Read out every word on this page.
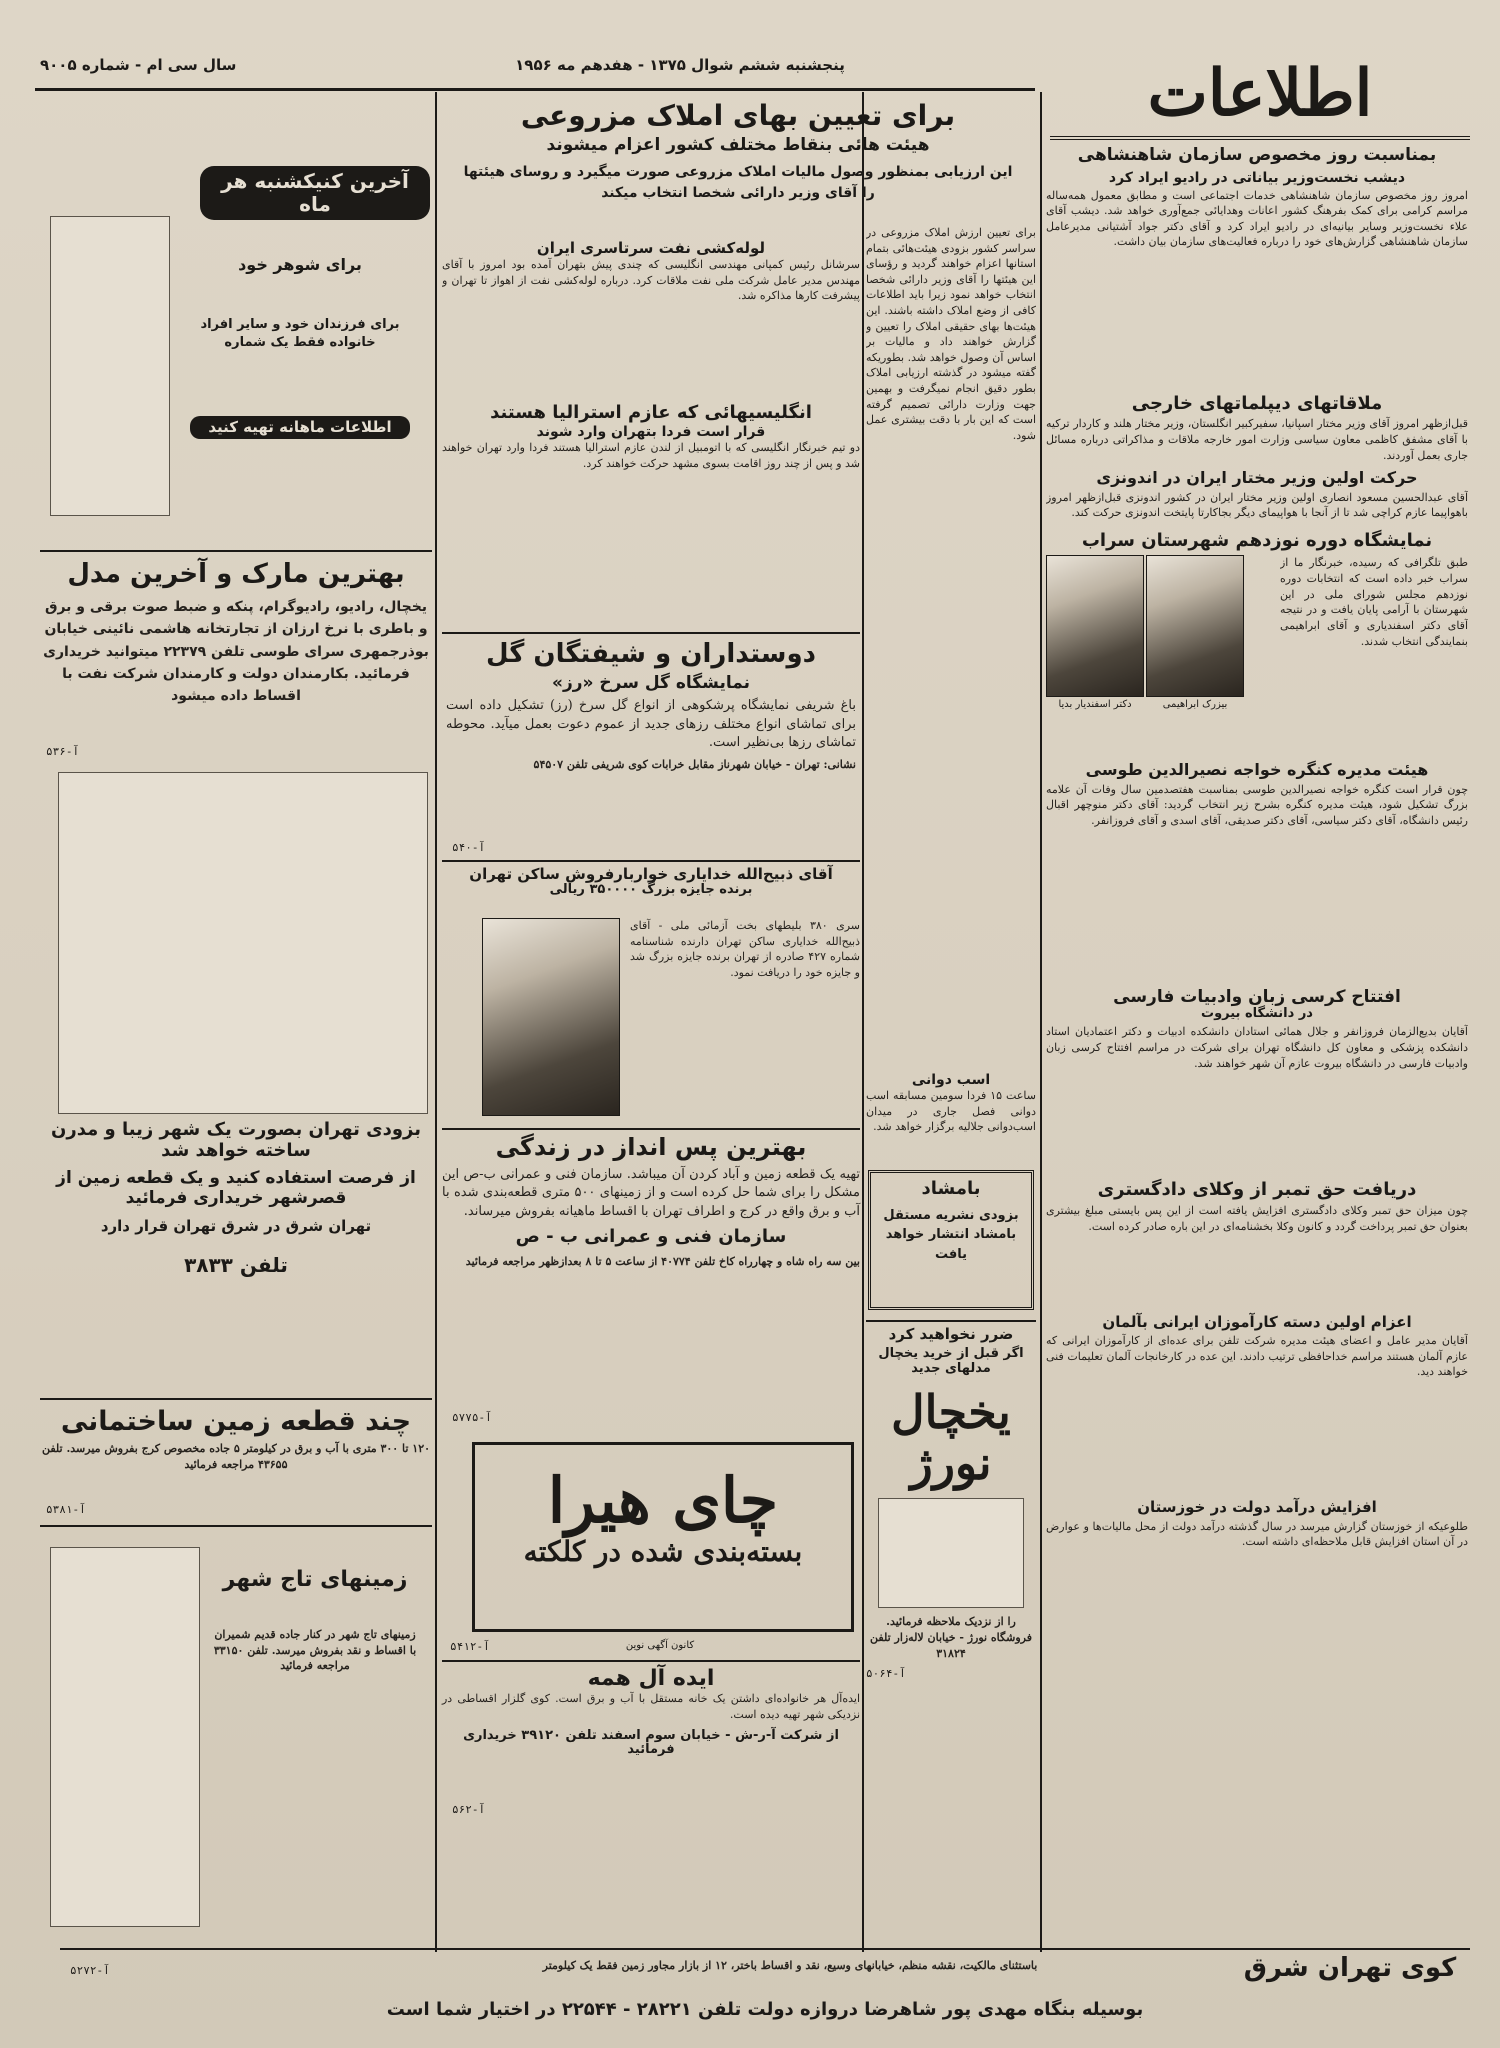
پنجشنبه ششم شوال ۱۳۷۵ - هفدهم مه ۱۹۵۶
سال سی ام - شماره ۹۰۰۵	اطلاعات
بمناسبت روز مخصوص سازمان شاهنشاهی
دیشب نخست‌وزیر بیاناتی در رادیو ایراد کرد
امروز روز مخصوص سازمان شاهنشاهی خدمات اجتماعی است و مطابق معمول همه‌ساله مراسم کرامی برای کمک بفرهنگ کشور اعانات وهدایائی جمع‌آوری خواهد شد. دیشب آقای علاء نخست‌وزیر وسایر بیانیه‌ای در رادیو ایراد کرد و آقای دکتر جواد آشتیانی مدیرعامل سازمان شاهنشاهی گزارش‌های خود را درباره فعالیت‌های سازمان بیان داشت.
ملاقاتهای دیپلماتهای خارجی
قبل‌ازظهر امروز آقای وزیر مختار اسپانیا، سفیرکبیر انگلستان، وزیر مختار هلند و کاردار ترکیه با آقای مشفق کاظمی معاون سیاسی وزارت امور خارجه ملاقات و مذاکراتی درباره مسائل جاری بعمل آوردند.
حرکت اولین وزیر مختار ایران در اندونزی
آقای عبدالحسین مسعود انصاری اولین وزیر مختار ایران در کشور اندونزی قبل‌ازظهر امروز باهواپیما عازم کراچی شد تا از آنجا با هواپیمای دیگر بجاکارتا پایتخت اندونزی حرکت کند.
نمایشگاه دوره نوزدهم شهرستان سراب
طبق تلگرافی که رسیده، خبرنگار ما از سراب خبر داده است که انتخابات دوره نوزدهم مجلس شورای ملی در این شهرستان با آرامی پایان یافت و در نتیجه آقای دکتر اسفندیاری و آقای ابراهیمی بنمایندگی انتخاب شدند.
دکتر اسفندیار بدیا	بیزرک ابراهیمی
هیئت مدیره کنگره خواجه نصیرالدین طوسی
چون قرار است کنگره خواجه نصیرالدین طوسی بمناسبت هفتصدمین سال وفات آن علامه بزرگ تشکیل شود، هیئت مدیره کنگره بشرح زیر انتخاب گردید: آقای دکتر منوچهر اقبال رئیس دانشگاه، آقای دکتر سیاسی، آقای دکتر صدیقی، آقای اسدی و آقای فروزانفر.
افتتاح کرسی زبان وادبیات فارسی
در دانشگاه بیروت
آقایان بدیع‌الزمان فروزانفر و جلال همائی استادان دانشکده ادبیات و دکتر اعتمادیان استاد دانشکده پزشکی و معاون کل دانشگاه تهران برای شرکت در مراسم افتتاح کرسی زبان وادبیات فارسی در دانشگاه بیروت عازم آن شهر خواهند شد.
دریافت حق تمبر از وکلای دادگستری
چون میزان حق تمبر وکلای دادگستری افزایش یافته است از این پس بایستی مبلغ بیشتری بعنوان حق تمبر پرداخت گردد و کانون وکلا بخشنامه‌ای در این باره صادر کرده است.
اعزام اولین دسته کارآموزان ایرانی بآلمان
آقایان مدیر عامل و اعضای هیئت مدیره شرکت تلفن برای عده‌ای از کارآموزان ایرانی که عازم آلمان هستند مراسم خداحافظی ترتیب دادند. این عده در کارخانجات آلمان تعلیمات فنی خواهند دید.
افزایش درآمد دولت در خوزستان
طلوعیکه از خوزستان گزارش میرسد در سال گذشته درآمد دولت از محل مالیات‌ها و عوارض در آن استان افزایش قابل ملاحظه‌ای داشته است.
برای تعیین ارزش املاک مزروعی در سراسر کشور بزودی هیئت‌هائی بتمام استانها اعزام خواهند گردید و رؤسای این هیئتها را آقای وزیر دارائی شخصا انتخاب خواهد نمود زیرا باید اطلاعات کافی از وضع املاک داشته باشند. این هیئت‌ها بهای حقیقی املاک را تعیین و گزارش خواهند داد و مالیات بر اساس آن وصول خواهد شد. بطوریکه گفته میشود در گذشته ارزیابی املاک بطور دقیق انجام نمیگرفت و بهمین جهت وزارت دارائی تصمیم گرفته است که این بار با دقت بیشتری عمل شود.
برای تعیین بهای املاک مزروعی
هیئت هائی بنقاط مختلف کشور اعزام میشوند
این ارزیابی بمنظور وصول مالیات املاک مزروعی صورت میگیرد و روسای هیئتها را آقای وزیر دارائی شخصا انتخاب میکند
لوله‌کشی نفت سرتاسری ایران
سرشانل رئیس کمپانی مهندسی انگلیسی که چندی پیش بتهران آمده بود امروز با آقای مهندس مدیر عامل شرکت ملی نفت ملاقات کرد. درباره لوله‌کشی نفت از اهواز تا تهران و پیشرفت کارها مذاکره شد.
انگلیسیهائی که عازم استرالیا هستند
قرار است فردا بتهران وارد شوند
دو تیم خبرنگار انگلیسی که با اتومبیل از لندن عازم استرالیا هستند فردا وارد تهران خواهند شد و پس از چند روز اقامت بسوی مشهد حرکت خواهند کرد.
دوستداران و شیفتگان گل
نمایشگاه گل سرخ «رز»
باغ شریفی نمایشگاه پرشکوهی از انواع گل سرخ (رز) تشکیل داده است برای تماشای انواع مختلف رزهای جدید از عموم دعوت بعمل میآید. محوطه تماشای رزها بی‌نظیر است.
نشانی: تهران - خیابان شهرناز مقابل خرابات کوی شریفی تلفن ۵۴۵۰۷
آ-۵۴۰
آقای ذبیح‌الله خدایاری خواربارفروش ساکن تهران
برنده جایزه بزرگ ۳۵۰۰۰۰ ریالی
سری ۳۸۰ بلیطهای بخت آزمائی ملی - آقای ذبیح‌الله خدایاری ساکن تهران دارنده شناسنامه شماره ۴۲۷ صادره از تهران برنده جایزه بزرگ شد و جایزه خود را دریافت نمود.
بهترین پس انداز در زندگی
تهیه یک قطعه زمین و آباد کردن آن میباشد. سازمان فنی و عمرانی ب-ص این مشکل را برای شما حل کرده است و از زمینهای ۵۰۰ متری قطعه‌بندی شده با آب و برق واقع در کرج و اطراف تهران با اقساط ماهیانه بفروش میرساند.
سازمان فنی و عمرانی ب - ص
بین سه راه شاه و چهارراه کاخ تلفن ۴۰۷۷۴ از ساعت ۵ تا ۸ بعدازظهر مراجعه فرمائید
آ-۵۷۷۵
چای هیرا
بسته‌بندی شده در کلکته
کانون آگهی نوین
آ-۵۴۱۲
ایده آل همه
ایده‌آل هر خانواده‌ای داشتن یک خانه مستقل با آب و برق است. کوی گلزار اقساطی در نزدیکی شهر تهیه دیده است.
از شرکت آ-ر-ش - خیابان سوم اسفند تلفن ۳۹۱۲۰ خریداری فرمائید
آ-۵۶۲
اسب دوانی
ساعت ۱۵ فردا سومین مسابقه اسب دوانی فصل جاری در میدان اسب‌دوانی جلالیه برگزار خواهد شد.
بامشاد
بزودی نشریه مستقل بامشاد انتشار خواهد یافت
ضرر نخواهید کرد
اگر قبل از خرید یخچال مدلهای جدید
یخچال نورژ
را از نزدیک ملاحظه فرمائید. فروشگاه نورژ - خیابان لاله‌زار تلفن ۳۱۸۲۴
آ-۵۰۶۴
آخرین کنیکشنبه هر ماه
برای شوهر خود
برای فرزندان خود و سایر افراد خانواده فقط یک شماره
اطلاعات ماهانه تهیه کنید
بهترین مارک و آخرین مدل
یخچال، رادیو، رادیوگرام، پنکه و ضبط صوت برقی و برق و باطری با نرخ ارزان از تجارتخانه هاشمی نائینی خیابان بوذرجمهری سرای طوسی تلفن ۲۲۳۷۹ میتوانید خریداری فرمائید. بکارمندان دولت و کارمندان شرکت نفت با اقساط داده میشود
آ-۵۳۶
بزودی تهران بصورت یک شهر زیبا و مدرن ساخته خواهد شد
از فرصت استفاده کنید و یک قطعه زمین از قصرشهر خریداری فرمائید
تهران شرق در شرق تهران قرار دارد
تلفن ۳۸۳۳
چند قطعه زمین ساختمانی
۱۲۰ تا ۳۰۰ متری با آب و برق در کیلومتر ۵ جاده مخصوص کرج بفروش میرسد. تلفن ۴۳۶۵۵ مراجعه فرمائید
آ-۵۳۸۱
زمینهای تاج شهر
زمینهای تاج شهر در کنار جاده قدیم شمیران با اقساط و نقد بفروش میرسد. تلفن ۳۳۱۵۰ مراجعه فرمائید
کوی تهران شرق
باستثنای مالکیت، نقشه منظم، خیابانهای وسیع، نقد و اقساط باختر، ۱۲ از بازار مجاور زمین فقط یک کیلومتر
بوسیله بنگاه مهدی پور شاهرضا دروازه دولت تلفن ۲۸۲۲۱ - ۲۲۵۴۴ در اختیار شما است
آ-۵۲۷۲
